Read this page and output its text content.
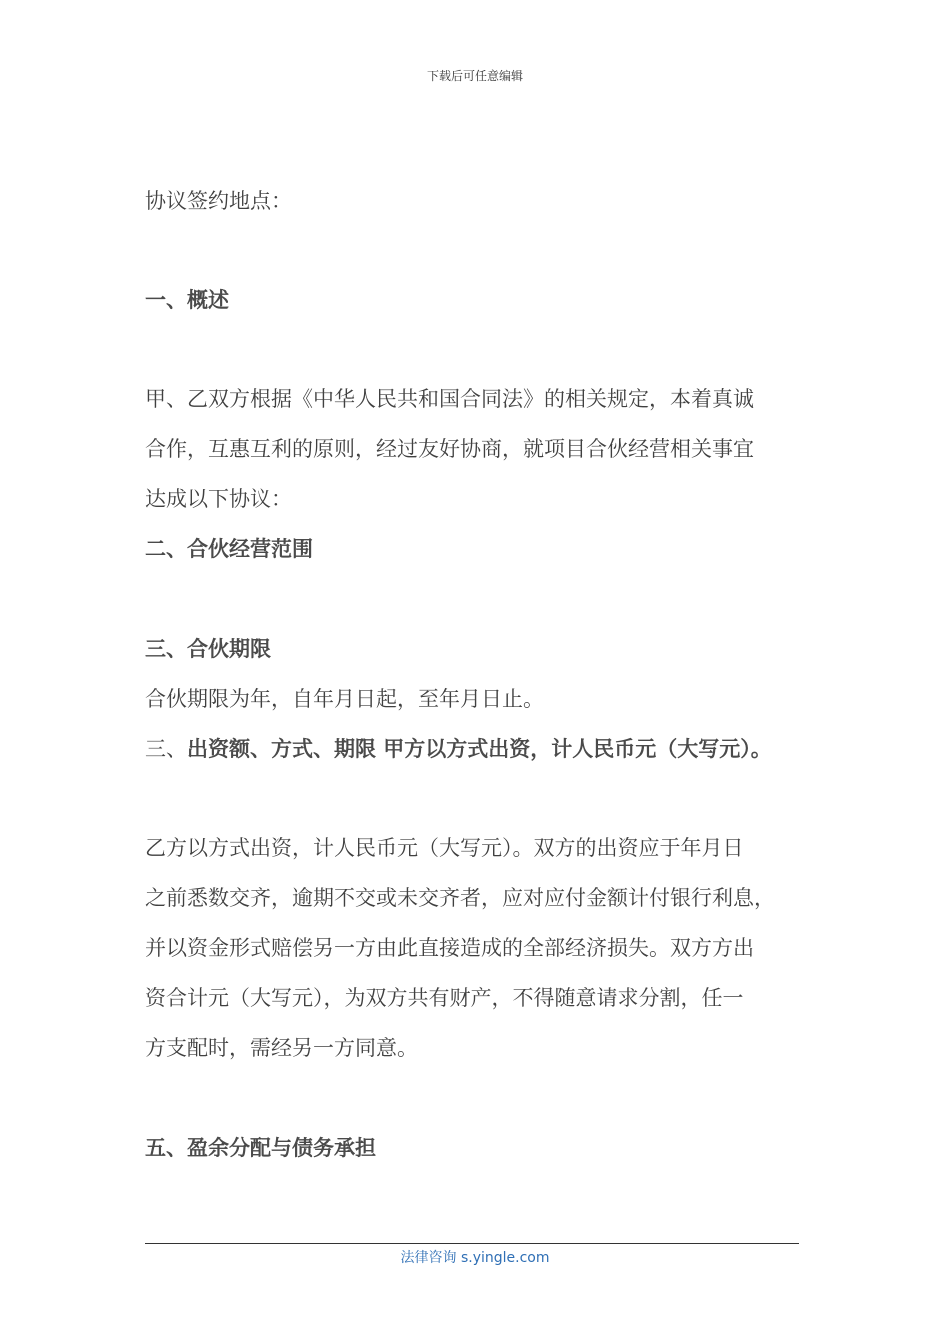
下载后可任意编辑
协议签约地点：
一、概述
甲、乙双方根据《中华人民共和国合同法》的相关规定，本着真诚
合作，互惠互利的原则，经过友好协商，就项目合伙经营相关事宜
达成以下协议：
二、合伙经营范围
三、合伙期限
合伙期限为年，自年月日起，至年月日止。
三、出资额、方式、期限 甲方以方式出资，计人民币元（大写元）。
乙方以方式出资，计人民币元（大写元）。双方的出资应于年月日
之前悉数交齐，逾期不交或未交齐者，应对应付金额计付银行利息，
并以资金形式赔偿另一方由此直接造成的全部经济损失。双方方出
资合计元（大写元），为双方共有财产，不得随意请求分割，任一
方支配时，需经另一方同意。
五、盈余分配与债务承担
法律咨询 s.yingle.com
